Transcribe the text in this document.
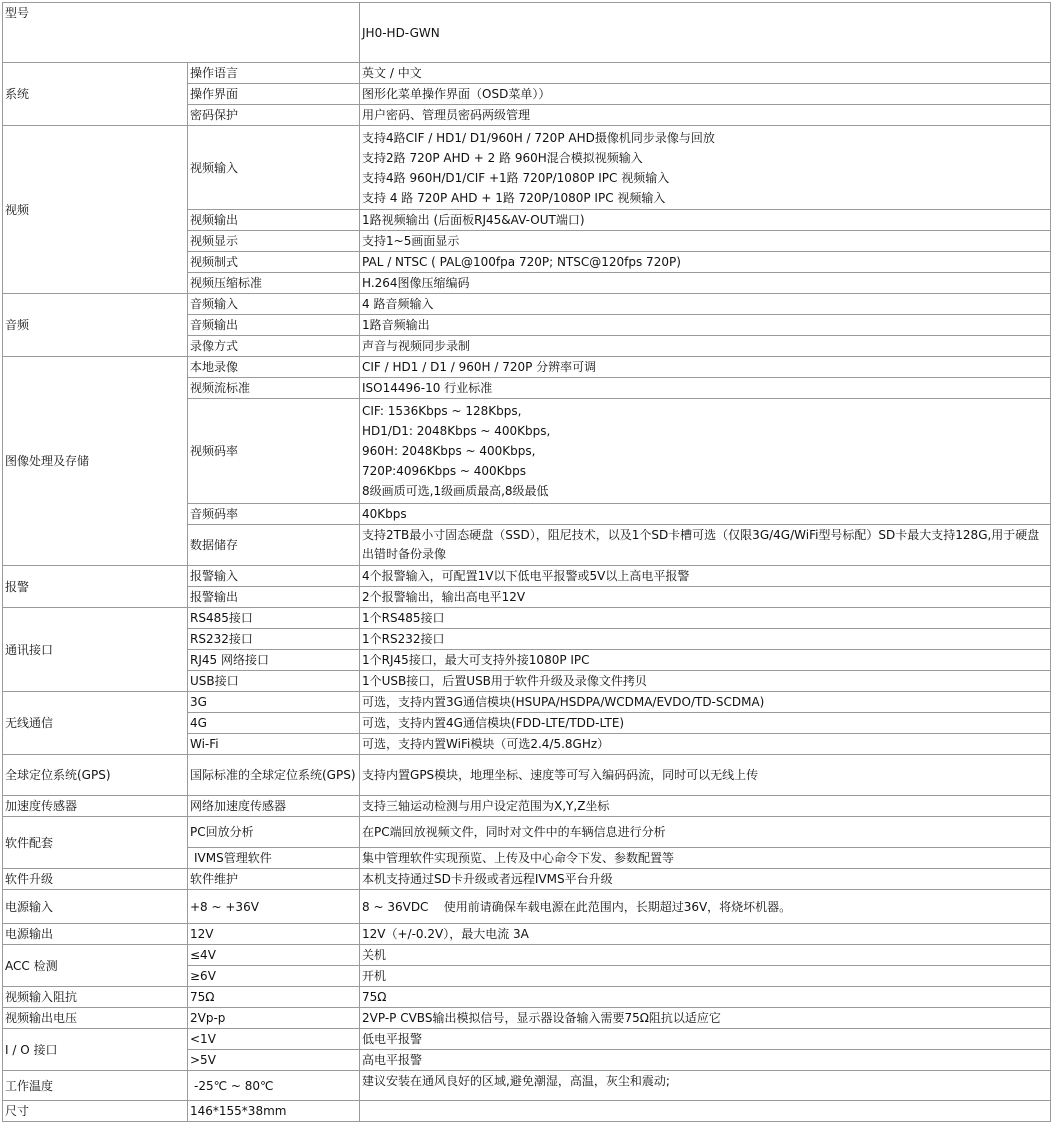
型号		JH0-HD-GWN
系统	操作语言	英文 / 中文
	操作界面	图形化菜单操作界面（OSD菜单））
	密码保护	用户密码、管理员密码两级管理
视频	视频输入	支持4路CIF / HD1/ D1/960H / 720P AHD摄像机同步录像与回放
支持2路 720P AHD + 2 路 960H混合模拟视频输入
支持4路 960H/D1/CIF +1路 720P/1080P IPC 视频输入
支持 4 路 720P AHD + 1路 720P/1080P IPC 视频输入

	视频输出	1路视频输出 (后面板RJ45&AV-OUT端口)
	视频显示	支持1~5画面显示
	视频制式	PAL / NTSC ( PAL@100fpa 720P; NTSC@120fps 720P)
	视频压缩标准	H.264图像压缩编码
音频	音频输入	4 路音频输入
	音频输出	1路音频输出
	录像方式	声音与视频同步录制
图像处理及存储	本地录像	CIF / HD1 / D1 / 960H / 720P 分辨率可调
	视频流标准	ISO14496-10 行业标准
	视频码率	CIF: 1536Kbps ~ 128Kbps,
HD1/D1: 2048Kbps ~ 400Kbps,
960H: 2048Kbps ~ 400Kbps,
720P:4096Kbps ~ 400Kbps
8级画质可选,1级画质最高,8级最低

	音频码率	40Kbps
	数据储存	支持2TB最小寸固态硬盘（SSD），阻尼技术，以及1个SD卡槽可选（仅限3G/4G/WiFi型号标配）SD卡最大支持128G,用于硬盘出错时备份录像

报警	报警输入	4个报警输入，可配置1V以下低电平报警或5V以上高电平报警
	报警输出	2个报警输出，输出高电平12V
通讯接口	RS485接口	1个RS485接口
	RS232接口	1个RS232接口
	RJ45 网络接口	1个RJ45接口，最大可支持外接1080P IPC
	USB接口	1个USB接口，后置USB用于软件升级及录像文件拷贝
无线通信	3G	可选，支持内置3G通信模块(HSUPA/HSDPA/WCDMA/EVDO/TD-SCDMA)
	4G	可选，支持内置4G通信模块(FDD-LTE/TDD-LTE)
	Wi-Fi	可选，支持内置WiFi模块（可选2.4/5.8GHz）
全球定位系统(GPS)	国际标准的全球定位系统(GPS)	支持内置GPS模块，地理坐标、速度等可写入编码码流，同时可以无线上传
加速度传感器	网络加速度传感器	支持三轴运动检测与用户设定范围为X,Y,Z坐标
软件配套	PC回放分析	在PC端回放视频文件，同时对文件中的车辆信息进行分析
	IVMS管理软件	集中管理软件实现预览、上传及中心命令下发、参数配置等
软件升级	软件维护	本机支持通过SD卡升级或者远程IVMS平台升级
电源输入	+8 ~ +36V	8 ~ 36VDC    使用前请确保车载电源在此范围内，长期超过36V，将烧坏机器。
电源输出	12V	12V（+/-0.2V），最大电流 3A
ACC 检测	≤4V	关机
	≥6V	开机
视频输入阻抗	75Ω	75Ω
视频输出电压	2Vp-p	2VP-P CVBS输出模拟信号，显示器设备输入需要75Ω阻抗以适应它
I / O 接口	<1V	低电平报警
	>5V	高电平报警
工作温度	-25℃ ~ 80℃	建议安装在通风良好的区域,避免潮湿，高温，灰尘和震动;
尺寸	146*155*38mm	
